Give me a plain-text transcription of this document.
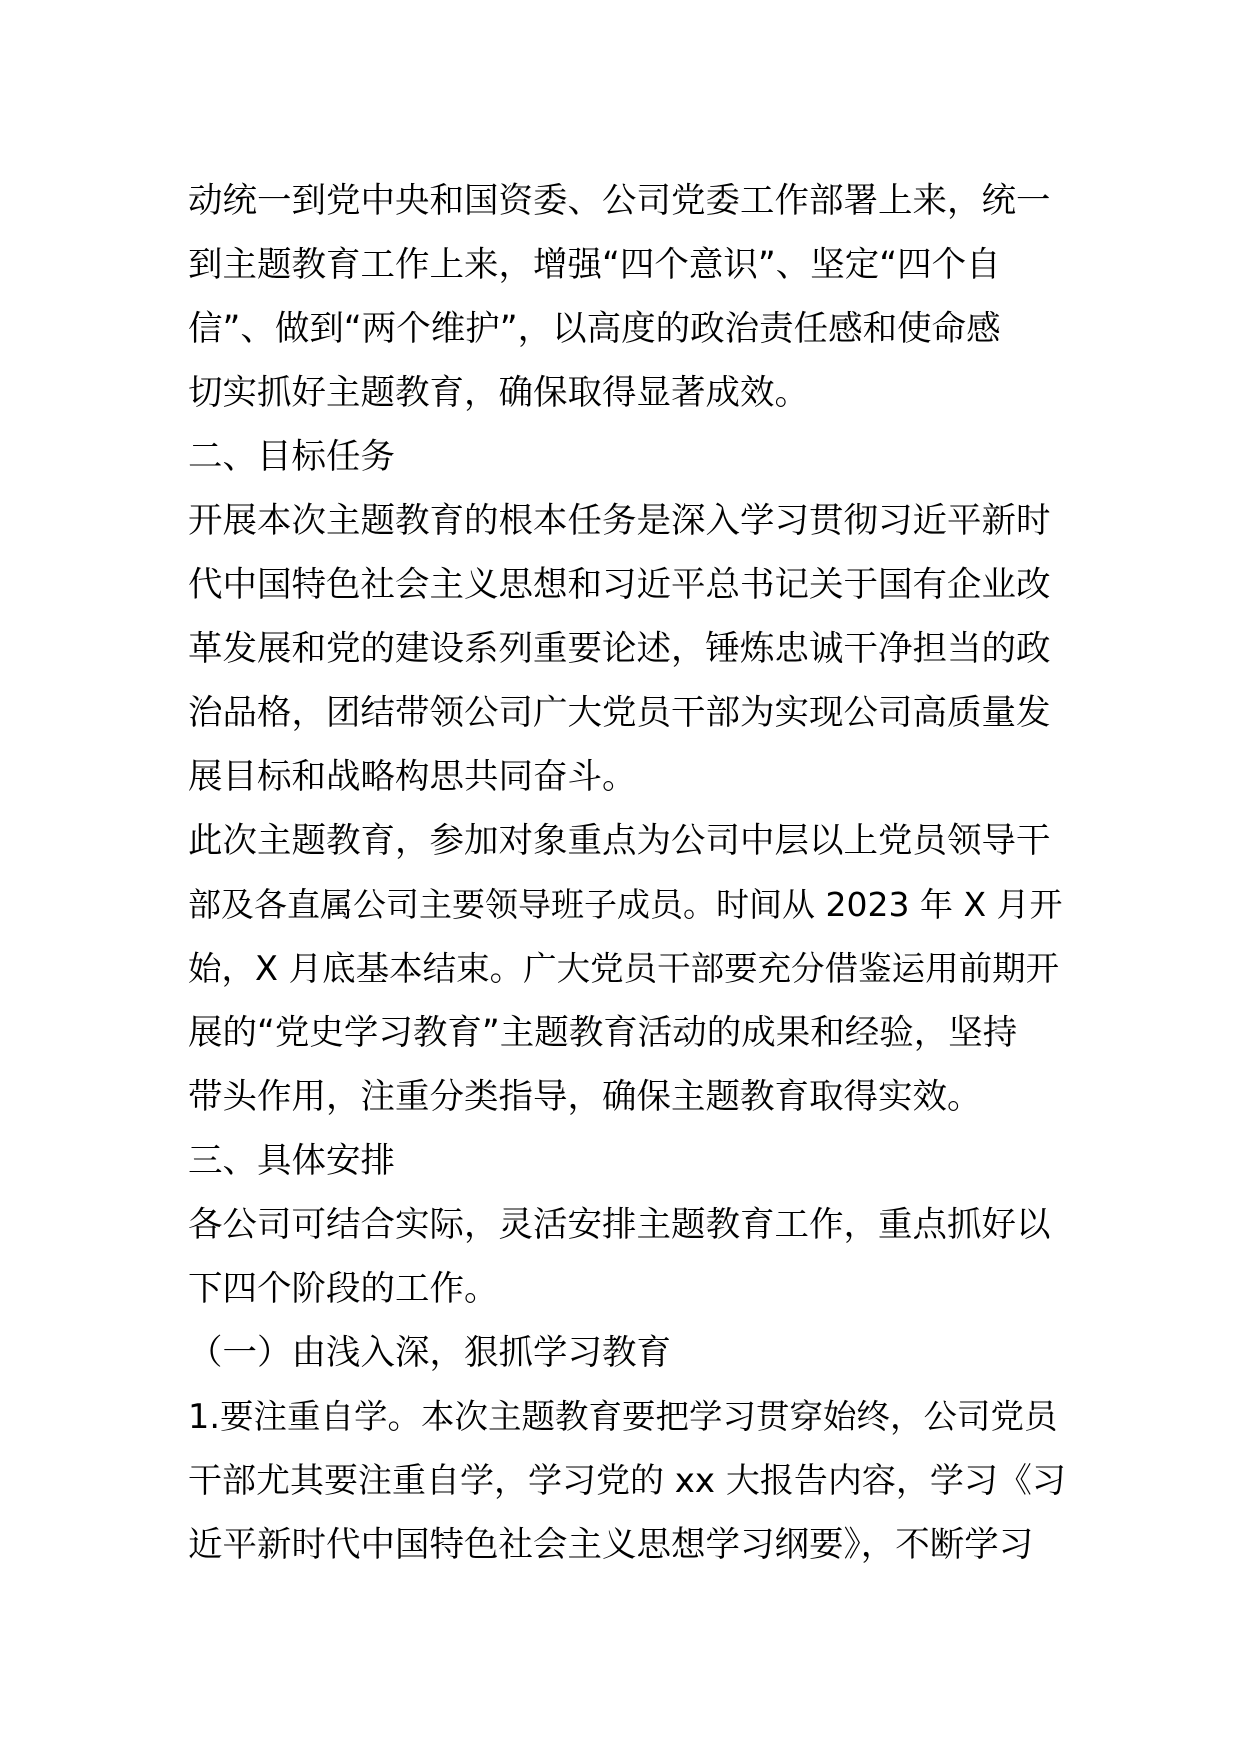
动统一到党中央和国资委、公司党委工作部署上来，统一
到主题教育工作上来，增强“四个意识”、坚定“四个自
信”、做到“两个维护”，以高度的政治责任感和使命感
切实抓好主题教育，确保取得显著成效。
二、目标任务
开展本次主题教育的根本任务是深入学习贯彻习近平新时
代中国特色社会主义思想和习近平总书记关于国有企业改
革发展和党的建设系列重要论述，锤炼忠诚干净担当的政
治品格，团结带领公司广大党员干部为实现公司高质量发
展目标和战略构思共同奋斗。
此次主题教育，参加对象重点为公司中层以上党员领导干
部及各直属公司主要领导班子成员。时间从 2023 年 X 月开
始，X 月底基本结束。广大党员干部要充分借鉴运用前期开
展的“党史学习教育”主题教育活动的成果和经验，坚持
带头作用，注重分类指导，确保主题教育取得实效。
三、具体安排
各公司可结合实际，灵活安排主题教育工作，重点抓好以
下四个阶段的工作。
（一）由浅入深，狠抓学习教育
1.要注重自学。本次主题教育要把学习贯穿始终，公司党员
干部尤其要注重自学，学习党的 xx 大报告内容，学习《习
近平新时代中国特色社会主义思想学习纲要》，不断学习
